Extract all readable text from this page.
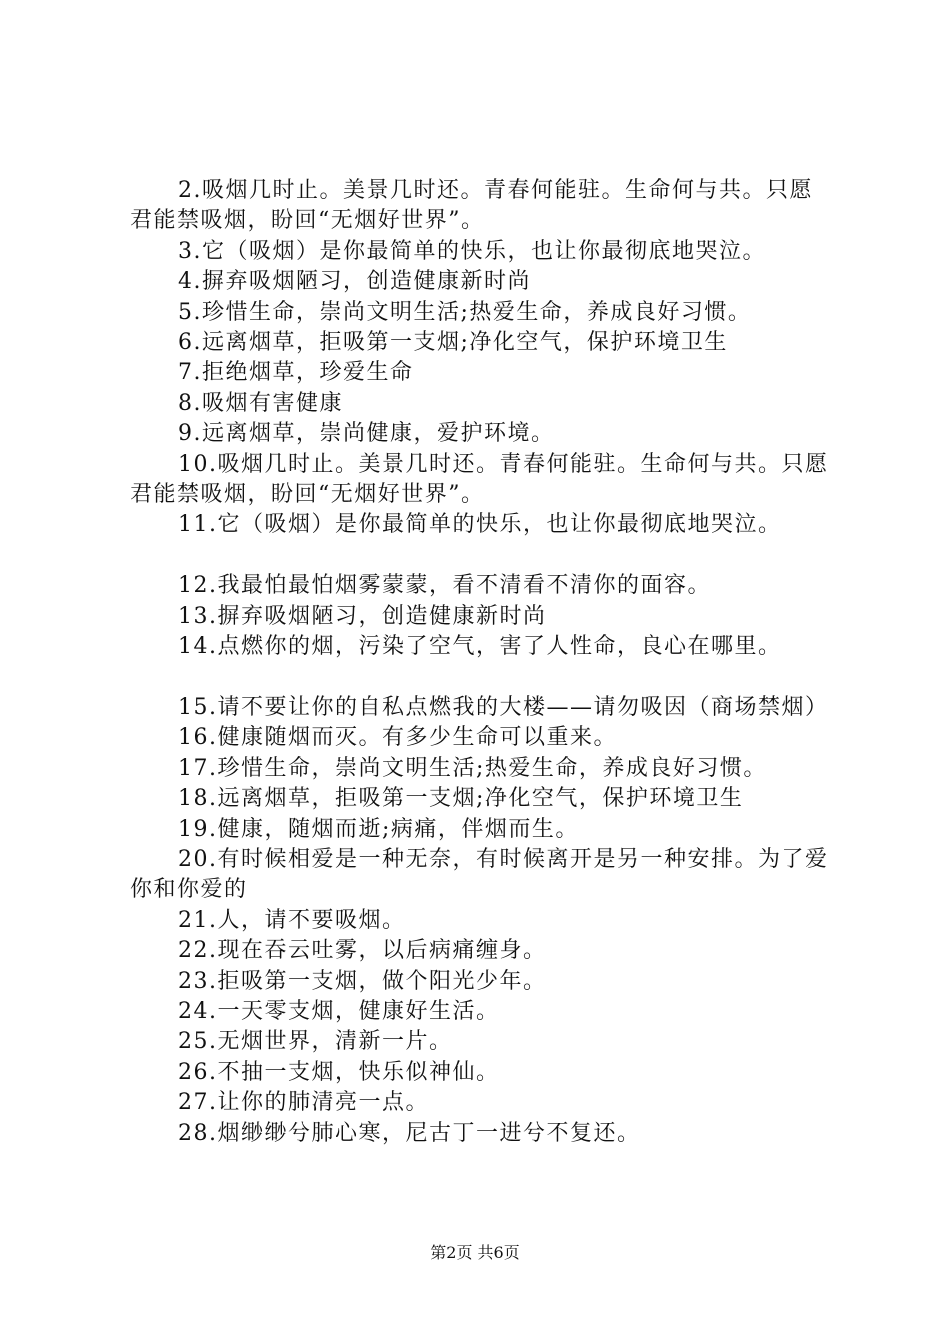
2.吸烟几时止。美景几时还。青春何能驻。生命何与共。只愿君能禁吸烟，盼回“无烟好世界”。

3.它（吸烟）是你最简单的快乐，也让你最彻底地哭泣。

4.摒弃吸烟陋习，创造健康新时尚

5.珍惜生命，崇尚文明生活;热爱生命，养成良好习惯。

6.远离烟草，拒吸第一支烟;净化空气，保护环境卫生

7.拒绝烟草，珍爱生命

8.吸烟有害健康

9.远离烟草，崇尚健康，爱护环境。

10.吸烟几时止。美景几时还。青春何能驻。生命何与共。只愿君能禁吸烟，盼回“无烟好世界”。

11.它（吸烟）是你最简单的快乐，也让你最彻底地哭泣。

12.我最怕最怕烟雾蒙蒙，看不清看不清你的面容。

13.摒弃吸烟陋习，创造健康新时尚

14.点燃你的烟，污染了空气，害了人性命，良心在哪里。

15.请不要让你的自私点燃我的大楼——请勿吸因（商场禁烟）

16.健康随烟而灭。有多少生命可以重来。

17.珍惜生命，崇尚文明生活;热爱生命，养成良好习惯。

18.远离烟草，拒吸第一支烟;净化空气，保护环境卫生

19.健康，随烟而逝;病痛，伴烟而生。

20.有时候相爱是一种无奈，有时候离开是另一种安排。为了爱你和你爱的

21.人，请不要吸烟。

22.现在吞云吐雾，以后病痛缠身。

23.拒吸第一支烟，做个阳光少年。

24.一天零支烟，健康好生活。

25.无烟世界，清新一片。

26.不抽一支烟，快乐似神仙。

27.让你的肺清亮一点。

28.烟缈缈兮肺心寒，尼古丁一进兮不复还。

第2页 共6页
